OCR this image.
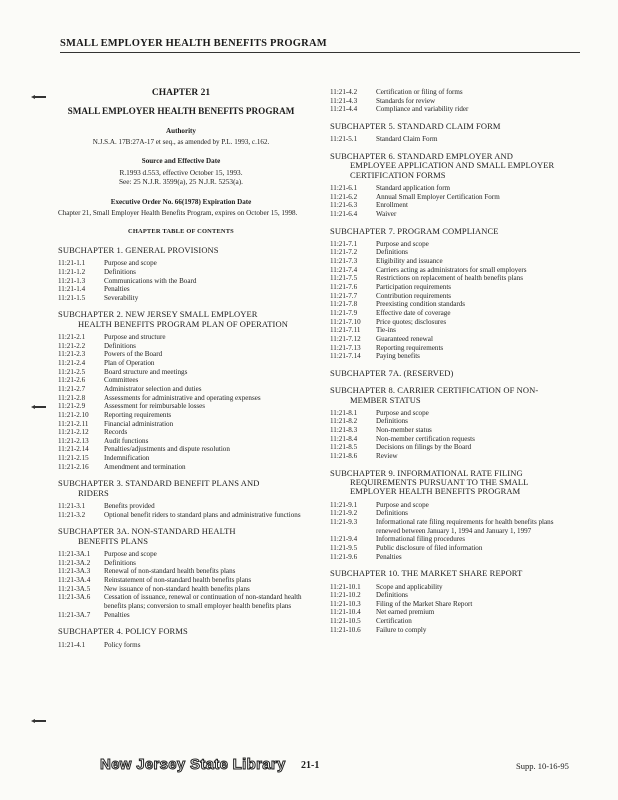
SMALL EMPLOYER HEALTH BENEFITS PROGRAM
CHAPTER 21
SMALL EMPLOYER HEALTH BENEFITS PROGRAM
Authority
N.J.S.A. 17B:27A-17 et seq., as amended by P.L. 1993, c.162.
Source and Effective Date
R.1993 d.553, effective October 15, 1993.
See: 25 N.J.R. 3599(a), 25 N.J.R. 5253(a).
Executive Order No. 66(1978) Expiration Date
Chapter 21, Small Employer Health Benefits Program, expires on October 15, 1998.
CHAPTER TABLE OF CONTENTS
SUBCHAPTER 1. GENERAL PROVISIONS
11:21-1.1	Purpose and scope
11:21-1.2	Definitions
11:21-1.3	Communications with the Board
11:21-1.4	Penalties
11:21-1.5	Severability
SUBCHAPTER 2. NEW JERSEY SMALL EMPLOYER
HEALTH BENEFITS PROGRAM PLAN OF OPERATION
11:21-2.1	Purpose and structure
11:21-2.2	Definitions
11:21-2.3	Powers of the Board
11:21-2.4	Plan of Operation
11:21-2.5	Board structure and meetings
11:21-2.6	Committees
11:21-2.7	Administrator selection and duties
11:21-2.8	Assessments for administrative and operating expenses
11:21-2.9	Assessment for reimbursable losses
11:21-2.10	Reporting requirements
11:21-2.11	Financial administration
11:21-2.12	Records
11:21-2.13	Audit functions
11:21-2.14	Penalties/adjustments and dispute resolution
11:21-2.15	Indemnification
11:21-2.16	Amendment and termination
SUBCHAPTER 3. STANDARD BENEFIT PLANS AND
RIDERS
11:21-3.1	Benefits provided
11:21-3.2	Optional benefit riders to standard plans and administrative functions
SUBCHAPTER 3A. NON-STANDARD HEALTH
BENEFITS PLANS
11:21-3A.1	Purpose and scope
11:21-3A.2	Definitions
11:21-3A.3	Renewal of non-standard health benefits plans
11:21-3A.4	Reinstatement of non-standard health benefits plans
11:21-3A.5	New issuance of non-standard health benefits plans
11:21-3A.6	Cessation of issuance, renewal or continuation of non-standard health benefits plans; conversion to small employer health benefits plans
11:21-3A.7	Penalties
SUBCHAPTER 4. POLICY FORMS
11:21-4.1	Policy forms
11:21-4.2	Certification or filing of forms
11:21-4.3	Standards for review
11:21-4.4	Compliance and variability rider
SUBCHAPTER 5. STANDARD CLAIM FORM
11:21-5.1	Standard Claim Form
SUBCHAPTER 6. STANDARD EMPLOYER AND
EMPLOYEE APPLICATION AND SMALL EMPLOYER CERTIFICATION FORMS
11:21-6.1	Standard application form
11:21-6.2	Annual Small Employer Certification Form
11:21-6.3	Enrollment
11:21-6.4	Waiver
SUBCHAPTER 7. PROGRAM COMPLIANCE
11:21-7.1	Purpose and scope
11:21-7.2	Definitions
11:21-7.3	Eligibility and issuance
11:21-7.4	Carriers acting as administrators for small employers
11:21-7.5	Restrictions on replacement of health benefits plans
11:21-7.6	Participation requirements
11:21-7.7	Contribution requirements
11:21-7.8	Preexisting condition standards
11:21-7.9	Effective date of coverage
11:21-7.10	Price quotes; disclosures
11:21-7.11	Tie-ins
11:21-7.12	Guaranteed renewal
11:21-7.13	Reporting requirements
11:21-7.14	Paying benefits
SUBCHAPTER 7A. (RESERVED)
SUBCHAPTER 8. CARRIER CERTIFICATION OF NON-
MEMBER STATUS
11:21-8.1	Purpose and scope
11:21-8.2	Definitions
11:21-8.3	Non-member status
11:21-8.4	Non-member certification requests
11:21-8.5	Decisions on filings by the Board
11:21-8.6	Review
SUBCHAPTER 9. INFORMATIONAL RATE FILING
REQUIREMENTS PURSUANT TO THE SMALL EMPLOYER HEALTH BENEFITS PROGRAM
11:21-9.1	Purpose and scope
11:21-9.2	Definitions
11:21-9.3	Informational rate filing requirements for health benefits plans renewed between January 1, 1994 and January 1, 1997
11:21-9.4	Informational filing procedures
11:21-9.5	Public disclosure of filed information
11:21-9.6	Penalties
SUBCHAPTER 10. THE MARKET SHARE REPORT
11:21-10.1	Scope and applicability
11:21-10.2	Definitions
11:21-10.3	Filing of the Market Share Report
11:21-10.4	Net earned premium
11:21-10.5	Certification
11:21-10.6	Failure to comply
New Jersey State Library 21-1	Supp. 10-16-95
